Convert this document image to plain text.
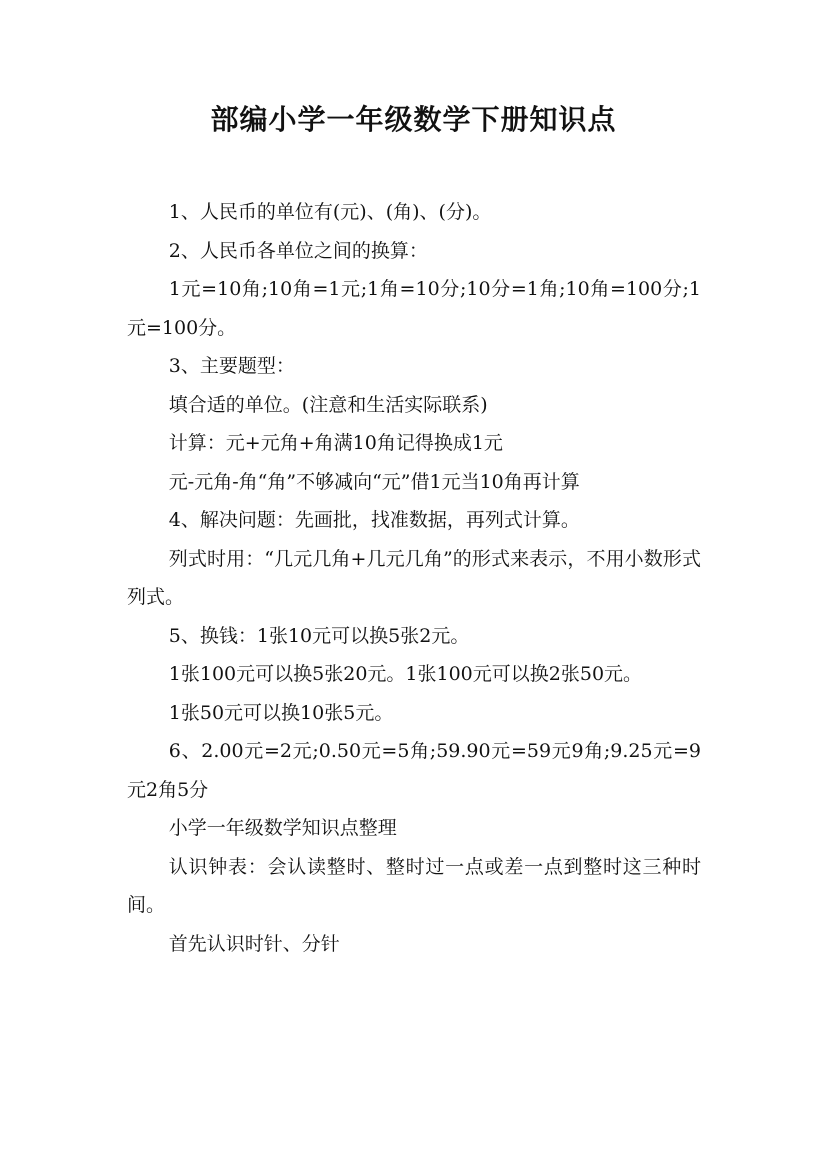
部编小学一年级数学下册知识点

1、人民币的单位有(元)、(角)、(分)。

2、人民币各单位之间的换算：

1元=10角;10角=1元;1角=10分;10分=1角;10角=100分;1元=100分。

3、主要题型：

填合适的单位。(注意和生活实际联系)

计算：元+元角+角满10角记得换成1元

元-元角-角“角”不够减向“元”借1元当10角再计算

4、解决问题：先画批，找准数据，再列式计算。

列式时用：“几元几角+几元几角”的形式来表示，不用小数形式列式。

5、换钱：1张10元可以换5张2元。

1张100元可以换5张20元。1张100元可以换2张50元。

1张50元可以换10张5元。

6、2.00元=2元;0.50元=5角;59.90元=59元9角;9.25元=9元2角5分

小学一年级数学知识点整理

认识钟表：会认读整时、整时过一点或差一点到整时这三种时间。

首先认识时针、分针
